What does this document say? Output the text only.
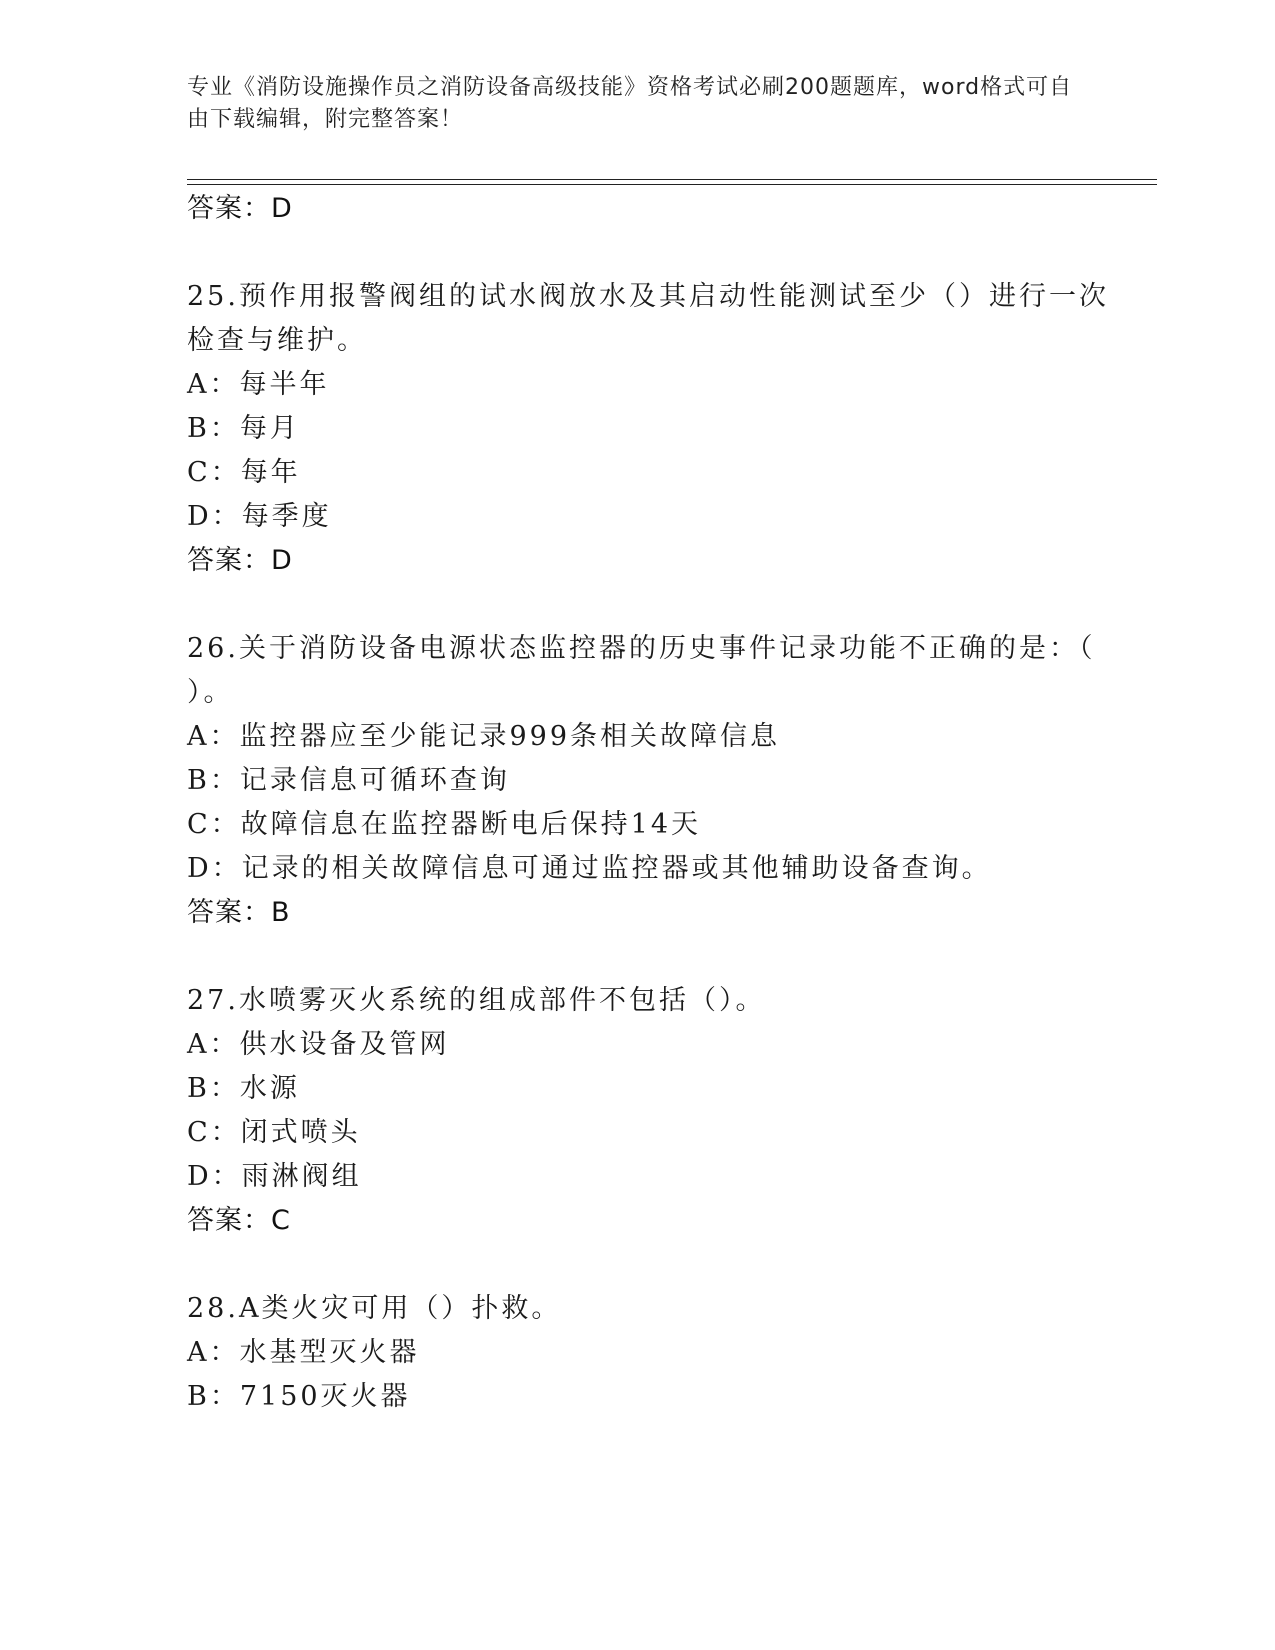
专业《消防设施操作员之消防设备高级技能》资格考试必刷200题题库，word格式可自由下载编辑，附完整答案！
答案：D
25.预作用报警阀组的试水阀放水及其启动性能测试至少（）进行一次
检查与维护。
A：每半年
B：每月
C：每年
D：每季度
答案：D
26.关于消防设备电源状态监控器的历史事件记录功能不正确的是：（
）。
A：监控器应至少能记录999条相关故障信息
B：记录信息可循环查询
C：故障信息在监控器断电后保持14天
D：记录的相关故障信息可通过监控器或其他辅助设备查询。
答案：B
27.水喷雾灭火系统的组成部件不包括（）。
A：供水设备及管网
B：水源
C：闭式喷头
D：雨淋阀组
答案：C
28.A类火灾可用（）扑救。
A：水基型灭火器
B：7150灭火器
